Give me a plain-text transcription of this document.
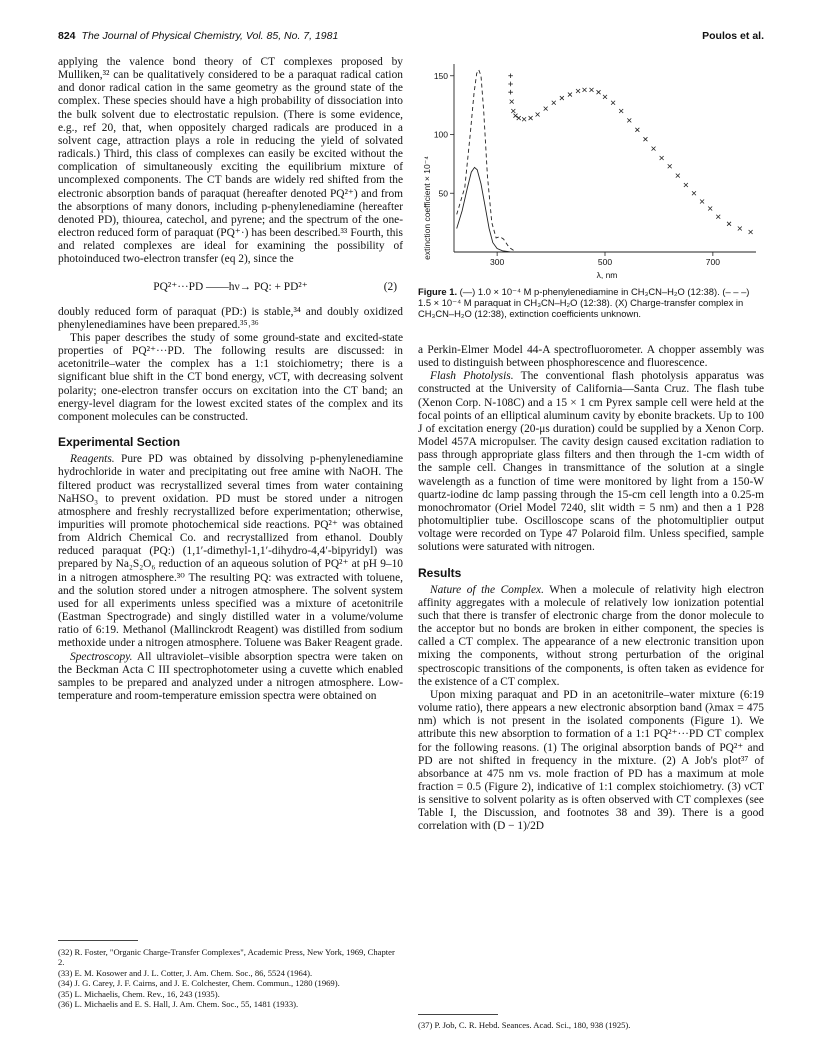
824 The Journal of Physical Chemistry, Vol. 85, No. 7, 1981	Poulos et al.

applying the valence bond theory of CT complexes proposed by Mulliken,³² can be qualitatively considered to be a paraquat radical cation and donor radical cation in the same geometry as the ground state of the complex. These species should have a high probability of dissociation into the bulk solvent due to electrostatic repulsion. (There is some evidence, e.g., ref 20, that, when oppositely charged radicals are produced in a solvent cage, attraction plays a role in reducing the yield of solvated radicals.) Third, this class of complexes can easily be excited without the complication of simultaneously exciting the equilibrium mixture of uncomplexed components. The CT bands are widely red shifted from the electronic absorption bands of paraquat (hereafter denoted PQ²⁺) and from the absorptions of many donors, including p-phenylenediamine (hereafter denoted PD), thiourea, catechol, and pyrene; and the spectrum of the one-electron reduced form of paraquat (PQ⁺·) has been described.³³ Fourth, this and related complexes are ideal for examining the possibility of photoinduced two-electron transfer (eq 2), since the

PQ²⁺···PD ——hν→ PQ: + PD²⁺	(2)

doubly reduced form of paraquat (PD:) is stable,³⁴ and doubly oxidized phenylenediamines have been prepared.³⁵˒³⁶

This paper describes the study of some ground-state and excited-state properties of PQ²⁺···PD. The following results are discussed: in acetonitrile–water the complex has a 1:1 stoichiometry; there is a significant blue shift in the CT bond energy, νCT, with decreasing solvent polarity; one-electron transfer occurs on excitation into the CT band; an energy-level diagram for the lowest excited states of the complex and its component molecules can be constructed.

Experimental Section

Reagents. Pure PD was obtained by dissolving p-phenylenediamine hydrochloride in water and precipitating out free amine with NaOH. The filtered product was recrystallized several times from water containing NaHSO₃ to prevent oxidation. PD must be stored under a nitrogen atmosphere and freshly recrystallized before experimentation; otherwise, impurities will promote photochemical side reactions. PQ²⁺ was obtained from Aldrich Chemical Co. and recrystallized from ethanol. Doubly reduced paraquat (PQ:) (1,1′-dimethyl-1,1′-dihydro-4,4′-bipyridyl) was prepared by Na₂S₂O₆ reduction of an aqueous solution of PQ²⁺ at pH 9–10 in a nitrogen atmosphere.³⁰ The resulting PQ: was extracted with toluene, and the solution stored under a nitrogen atmosphere. The solvent system used for all experiments unless specified was a mixture of acetonitrile (Eastman Spectrograde) and singly distilled water in a volume/volume ratio of 6:19. Methanol (Mallinckrodt Reagent) was distilled from sodium methoxide under a nitrogen atmosphere. Toluene was Baker Reagent grade.

Spectroscopy. All ultraviolet–visible absorption spectra were taken on the Beckman Acta C III spectrophotometer using a cuvette which enabled samples to be prepared and analyzed under a nitrogen atmosphere. Low-temperature and room-temperature emission spectra were obtained on

(32) R. Foster, "Organic Charge-Transfer Complexes", Academic Press, New York, 1969, Chapter 2.
(33) E. M. Kosower and J. L. Cotter, J. Am. Chem. Soc., 86, 5524 (1964).
(34) J. G. Carey, J. F. Cairns, and J. E. Colchester, Chem. Commun., 1280 (1969).
(35) L. Michaelis, Chem. Rev., 16, 243 (1935).
(36) L. Michaelis and E. S. Hall, J. Am. Chem. Soc., 55, 1481 (1933).
300	500	700
50
100
150
extinction coefficient × 10⁻⁴
λ, nm
Figure 1. (—) 1.0 × 10⁻⁴ M p-phenylenediamine in CH₃CN–H₂O (12:38). (– – –) 1.5 × 10⁻⁴ M paraquat in CH₃CN–H₂O (12:38). (X) Charge-transfer complex in CH₃CN–H₂O (12:38), extinction coefficients unknown.

a Perkin-Elmer Model 44-A spectrofluorometer. A chopper assembly was used to distinguish between phosphorescence and fluorescence.

Flash Photolysis. The conventional flash photolysis apparatus was constructed at the University of California—Santa Cruz. The flash tube (Xenon Corp. N-108C) and a 15 × 1 cm Pyrex sample cell were held at the focal points of an elliptical aluminum cavity by ebonite brackets. Up to 100 J of excitation energy (20-μs duration) could be supplied by a Xenon Corp. Model 457A micropulser. The cavity design caused excitation radiation to pass through appropriate glass filters and then through the 1-cm width of the sample cell. Changes in transmittance of the solution at a single wavelength as a function of time were monitored by light from a 150-W quartz-iodine dc lamp passing through the 15-cm cell length into a 0.25-m monochromator (Oriel Model 7240, slit width = 5 nm) and then a 1 P28 photomultiplier tube. Oscilloscope scans of the photomultiplier output voltage were recorded on Type 47 Polaroid film. Unless specified, sample solutions were saturated with nitrogen.

Results

Nature of the Complex. When a molecule of relativity high electron affinity aggregates with a molecule of relatively low ionization potential such that there is transfer of electronic charge from the donor molecule to the acceptor but no bonds are broken in either component, the species is called a CT complex. The appearance of a new electronic transition upon mixing the components, without strong perturbation of the original spectroscopic transitions of the components, is often taken as evidence for the existence of a CT complex.

Upon mixing paraquat and PD in an acetonitrile–water mixture (6:19 volume ratio), there appears a new electronic absorption band (λmax = 475 nm) which is not present in the isolated components (Figure 1). We attribute this new absorption to formation of a 1:1 PQ²⁺···PD CT complex for the following reasons. (1) The original absorption bands of PQ²⁺ and PD are not shifted in frequency in the mixture. (2) A Job's plot³⁷ of absorbance at 475 nm vs. mole fraction of PD has a maximum at mole fraction = 0.5 (Figure 2), indicative of 1:1 complex stoichiometry. (3) νCT is sensitive to solvent polarity as is often observed with CT complexes (see Table I, the Discussion, and footnotes 38 and 39). There is a good correlation with (D − 1)/2D

(37) P. Job, C. R. Hebd. Seances. Acad. Sci., 180, 938 (1925).
